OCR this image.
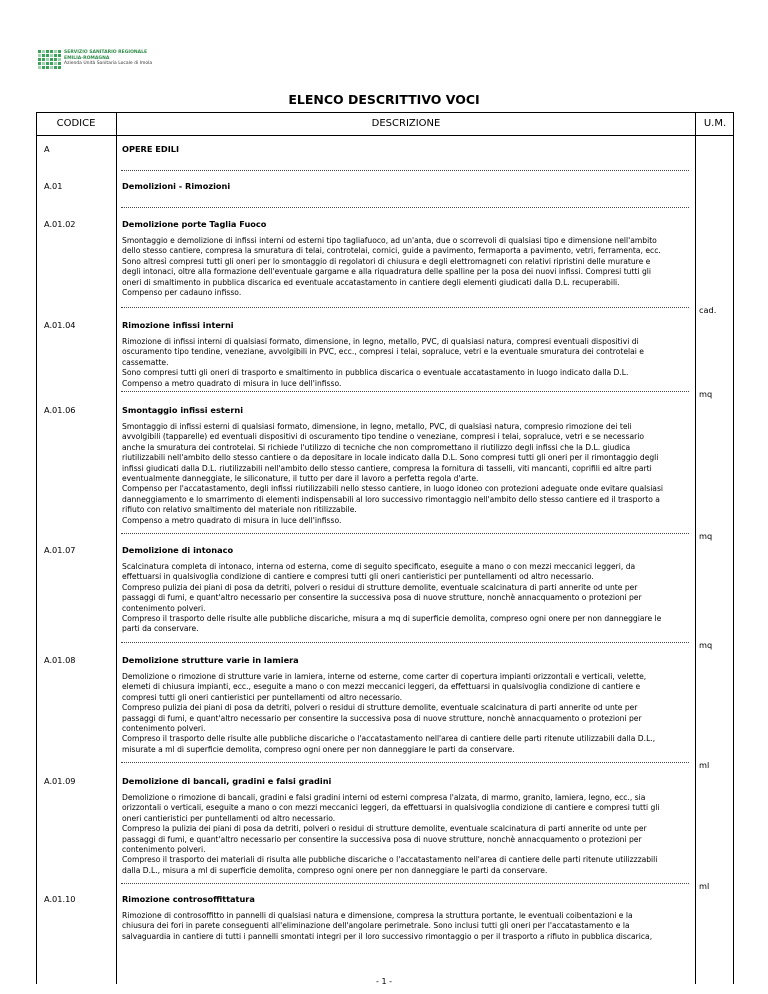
SERVIZIO SANITARIO REGIONALE
EMILIA-ROMAGNA
Azienda Unità Sanitaria Locale di Imola
ELENCO DESCRITTIVO VOCI
CODICE	DESCRIZIONE	U.M.
A	OPERE EDILI
A.01	Demolizioni - Rimozioni
A.01.02	Demolizione porte Taglia Fuoco
Smontaggio e demolizione di infissi interni od esterni tipo tagliafuoco, ad un'anta, due o scorrevoli di qualsiasi tipo e dimensione nell'ambito
dello stesso cantiere, compresa la smuratura di telai, controtelai, cornici, guide a pavimento, fermaporta a pavimento, vetri, ferramenta, ecc.
Sono altresì compresi tutti gli oneri per lo smontaggio di regolatori di chiusura e degli elettromagneti con relativi ripristini delle murature e
degli intonaci, oltre alla formazione dell'eventuale gargame e alla riquadratura delle spalline per la posa dei nuovi infissi. Compresi tutti gli
oneri di smaltimento in pubblica discarica ed eventuale accatastamento in cantiere degli elementi giudicati dalla D.L. recuperabili.
Compenso per cadauno infisso.
cad.
A.01.04	Rimozione infissi interni
Rimozione di infissi interni di qualsiasi formato, dimensione, in legno, metallo, PVC, di qualsiasi natura, compresi eventuali dispositivi di
oscuramento tipo tendine, veneziane, avvolgibili in PVC, ecc., compresi i telai, sopraluce, vetri e la eventuale smuratura dei controtelai e
cassematte.
Sono compresi tutti gli oneri di trasporto e smaltimento in pubblica discarica o eventuale accatastamento in luogo indicato dalla D.L.
Compenso a metro quadrato di misura in luce dell'infisso.
mq
A.01.06	Smontaggio infissi esterni
Smontaggio di infissi esterni di qualsiasi formato, dimensione, in legno, metallo, PVC, di qualsiasi natura, compresio rimozione dei teli
avvolgibili (tapparelle) ed eventuali dispositivi di oscuramento tipo tendine o veneziane, compresi i telai, sopraluce, vetri e se necessario
anche la smuratura dei controtelai. Si richiede l'utilizzo di tecniche che non compromettano il riutilizzo degli infissi che la D.L. giudica
riutilizzabili nell'ambito dello stesso cantiere o da depositare in locale indicato dalla D.L. Sono compresi tutti gli oneri per il rimontaggio degli
infissi giudicati dalla D.L. riutilizzabili nell'ambito dello stesso cantiere, compresa la fornitura di tasselli, viti mancanti, coprifili ed altre parti
eventualmente danneggiate, le siliconature, il tutto per dare il lavoro a perfetta regola d'arte.
Compenso per l'accatastamento, degli infissi riutilizzabili nello stesso cantiere, in luogo idoneo con protezioni adeguate onde evitare qualsiasi
danneggiamento e lo smarrimento di elementi indispensabili al loro successivo rimontaggio nell'ambito dello stesso cantiere ed il trasporto a
rifiuto con relativo smaltimento del materiale non ritilizzabile.
Compenso a metro quadrato di misura in luce dell'infisso.
mq
A.01.07	Demolizione di intonaco
Scalcinatura completa di intonaco, interna od esterna, come di seguito specificato, eseguite a mano o con mezzi meccanici leggeri, da
effettuarsi in qualsivoglia condizione di cantiere e compresi tutti gli oneri cantieristici per puntellamenti od altro necessario.
Compreso pulizia dei piani di posa da detriti, polveri o residui di strutture demolite, eventuale scalcinatura di parti annerite od unte per
passaggi di fumi, e quant'altro necessario per consentire la successiva posa di nuove strutture, nonchè annacquamento o protezioni per
contenimento polveri.
Compreso il trasporto delle risulte alle pubbliche discariche, misura a mq di superficie demolita, compreso ogni onere per non danneggiare le
parti da conservare.
mq
A.01.08	Demolizione strutture varie in lamiera
Demolizione o rimozione di strutture varie in lamiera, interne od esterne, come carter di copertura impianti orizzontali e verticali, velette,
elemeti di chiusura impianti, ecc., eseguite a mano o con mezzi meccanici leggeri, da effettuarsi in qualsivoglia condizione di cantiere e
compresi tutti gli oneri cantieristici per puntellamenti od altro necessario.
Compreso pulizia dei piani di posa da detriti, polveri o residui di strutture demolite, eventuale scalcinatura di parti annerite od unte per
passaggi di fumi, e quant'altro necessario per consentire la successiva posa di nuove strutture, nonchè annacquamento o protezioni per
contenimento polveri.
Compreso il trasporto delle risulte alle pubbliche discariche o l'accatastamento nell'area di cantiere delle parti ritenute utilizzabili dalla D.L.,
misurate a ml di superficie demolita, compreso ogni onere per non danneggiare le parti da conservare.
ml
A.01.09	Demolizione di bancali, gradini e falsi gradini
Demolizione o rimozione di bancali, gradini e falsi gradini interni od esterni compresa l'alzata, di marmo, granito, lamiera, legno, ecc., sia
orizzontali o verticali, eseguite a mano o con mezzi meccanici leggeri, da effettuarsi in qualsivoglia condizione di cantiere e compresi tutti gli
oneri cantieristici per puntellamenti od altro necessario.
Compreso la pulizia dei piani di posa da detriti, polveri o residui di strutture demolite, eventuale scalcinatura di parti annerite od unte per
passaggi di fumi, e quant'altro necessario per consentire la successiva posa di nuove strutture, nonchè annacquamento o protezioni per
contenimento polveri.
Compreso il trasporto dei materiali di risulta alle pubbliche discariche o l'accatastamento nell'area di cantiere delle parti ritenute utilizzzabili
dalla D.L., misura a ml di superficie demolita, compreso ogni onere per non danneggiare le parti da conservare.
ml
A.01.10	Rimozione controsoffittatura
Rimozione di controsoffitto in pannelli di qualsiasi natura e dimensione, compresa la struttura portante, le eventuali coibentazioni e la
chiusura dei fori in parete conseguenti all'eliminazione dell'angolare perimetrale. Sono inclusi tutti gli oneri per l'accatastamento e la
salvaguardia in cantiere di tutti i pannelli smontati integri per il loro successivo rimontaggio o per il trasporto a rifiuto in pubblica discarica,
- 1 -
